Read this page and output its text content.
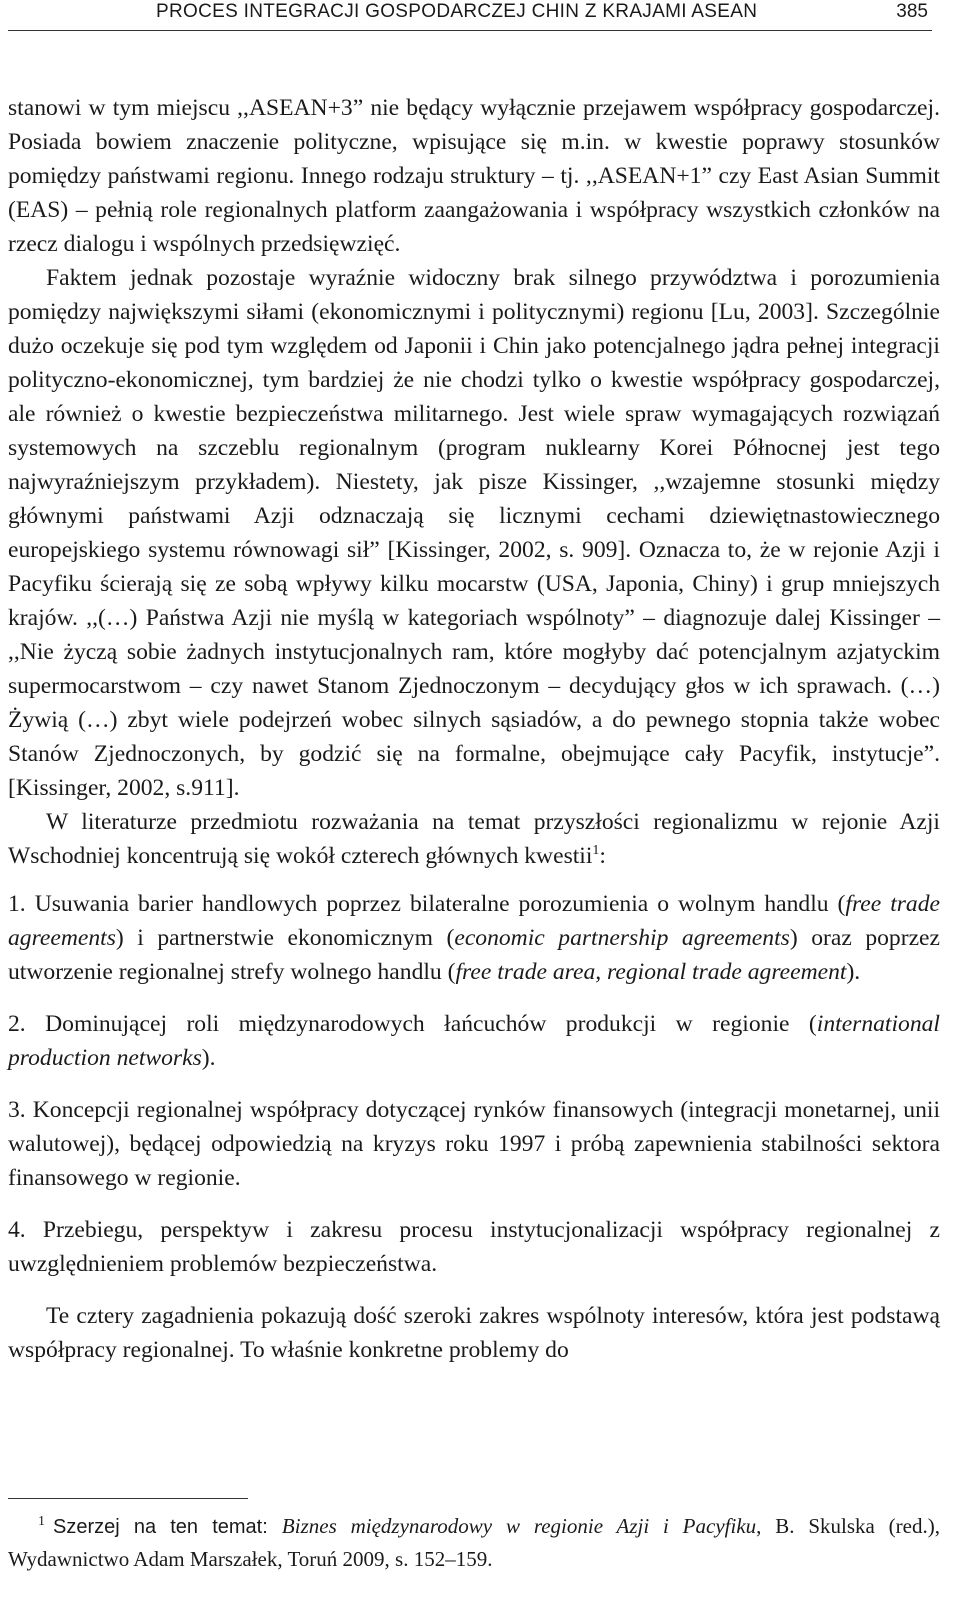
PROCES INTEGRACJI GOSPODARCZEJ CHIN Z KRAJAMI ASEAN	385

stanowi w tym miejscu ,,ASEAN+3” nie będący wyłącznie przejawem współpracy gospodarczej. Posiada bowiem znaczenie polityczne, wpisujące się m.in. w kwestie poprawy stosunków pomiędzy państwami regionu. Innego rodzaju struktury – tj. ,,ASEAN+1” czy East Asian Summit (EAS) – pełnią role regionalnych platform zaangażowania i współpracy wszystkich członków na rzecz dialogu i wspólnych przedsięwzięć.

Faktem jednak pozostaje wyraźnie widoczny brak silnego przywództwa i porozumienia pomiędzy największymi siłami (ekonomicznymi i politycznymi) regionu [Lu, 2003]. Szczególnie dużo oczekuje się pod tym względem od Japonii i Chin jako potencjalnego jądra pełnej integracji polityczno-ekonomicznej, tym bardziej że nie chodzi tylko o kwestie współpracy gospodarczej, ale również o kwestie bezpieczeństwa militarnego. Jest wiele spraw wymagających rozwiązań systemowych na szczeblu regionalnym (program nuklearny Korei Północnej jest tego najwyraźniejszym przykładem). Niestety, jak pisze Kissinger, ,,wzajemne stosunki między głównymi państwami Azji odznaczają się licznymi cechami dziewiętnastowiecznego europejskiego systemu równowagi sił” [Kissinger, 2002, s. 909]. Oznacza to, że w rejonie Azji i Pacyfiku ścierają się ze sobą wpływy kilku mocarstw (USA, Japonia, Chiny) i grup mniejszych krajów. ,,(…) Państwa Azji nie myślą w kategoriach wspólnoty” – diagnozuje dalej Kissinger – ,,Nie życzą sobie żadnych instytucjonalnych ram, które mogłyby dać potencjalnym azjatyckim supermocarstwom – czy nawet Stanom Zjednoczonym – decydujący głos w ich sprawach. (…) Żywią (…) zbyt wiele podejrzeń wobec silnych sąsiadów, a do pewnego stopnia także wobec Stanów Zjednoczonych, by godzić się na formalne, obejmujące cały Pacyfik, instytucje”. [Kissinger, 2002, s.911].

W literaturze przedmiotu rozważania na temat przyszłości regionalizmu w rejonie Azji Wschodniej koncentrują się wokół czterech głównych kwestii$^1$:

1. Usuwania barier handlowych poprzez bilateralne porozumienia o wolnym handlu (free trade agreements) i partnerstwie ekonomicznym (economic partnership agreements) oraz poprzez utworzenie regionalnej strefy wolnego handlu (free trade area, regional trade agreement).
2. Dominującej roli międzynarodowych łańcuchów produkcji w regionie (international production networks).
3. Koncepcji regionalnej współpracy dotyczącej rynków finansowych (integracji monetarnej, unii walutowej), będącej odpowiedzią na kryzys roku 1997 i próbą zapewnienia stabilności sektora finansowego w regionie.
4. Przebiegu, perspektyw i zakresu procesu instytucjonalizacji współpracy regionalnej z uwzględnieniem problemów bezpieczeństwa.

Te cztery zagadnienia pokazują dość szeroki zakres wspólnoty interesów, która jest podstawą współpracy regionalnej. To właśnie konkretne problemy do

$^1$ Szerzej na ten temat: Biznes międzynarodowy w regionie Azji i Pacyfiku, B. Skulska (red.), Wydawnictwo Adam Marszałek, Toruń 2009, s. 152–159.
